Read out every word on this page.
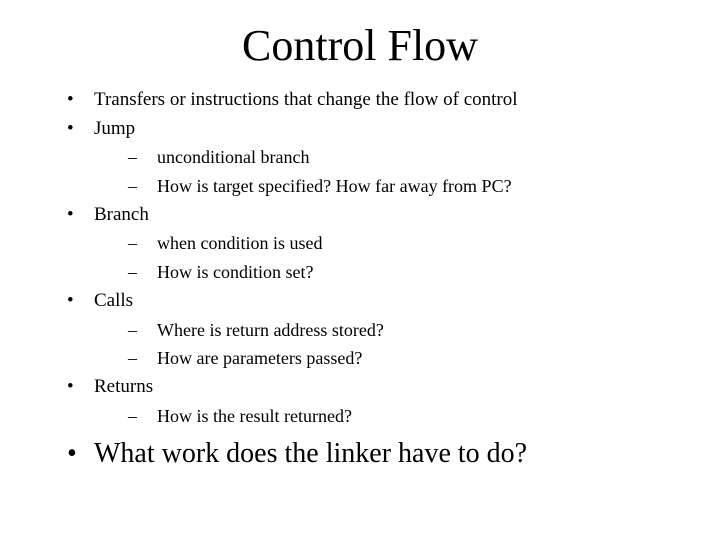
Control Flow
• Transfers or instructions that change the flow of control
• Jump
– unconditional branch
– How is target specified? How far away from PC?
• Branch
– when condition is used
– How is condition set?
• Calls
– Where is return address stored?
– How are parameters passed?
• Returns
– How is the result returned?
• What work does the linker have to do?
